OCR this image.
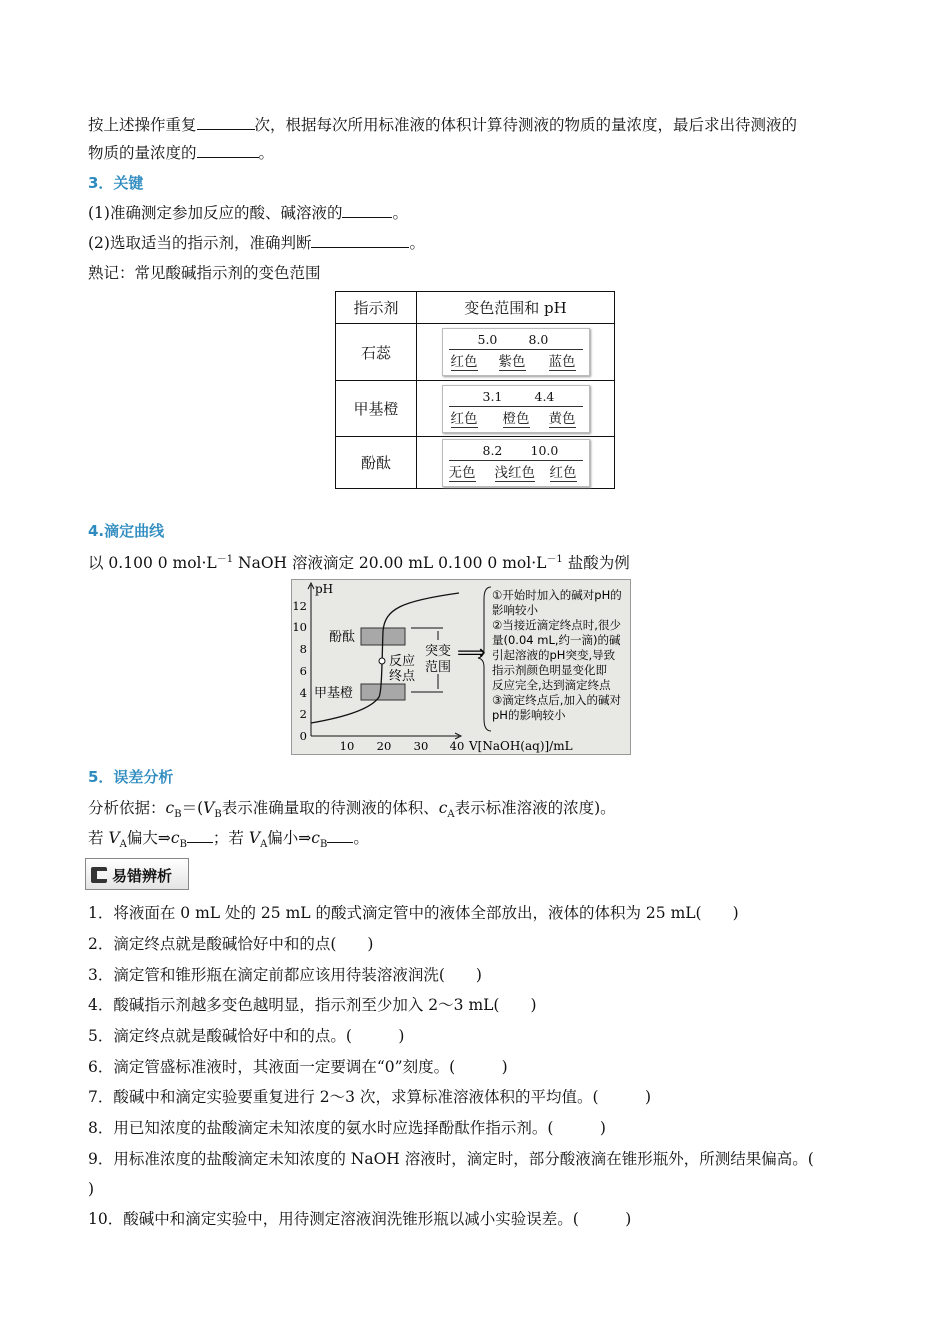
按上述操作重复	次，根据每次所用标准液的体积计算待测液的物质的量浓度，最后求出待测液的
物质的量浓度的	。
3．关键
(1)准确测定参加反应的酸、碱溶液的	。
(2)选取适当的指示剂，准确判断	。
熟记：常见酸碱指示剂的变色范围
指示剂	变色范围和 pH
石蕊	5.0 8.0
红色 紫色 蓝色

甲基橙	3.1 4.4
红色 橙色 黄色

酚酞	8.2 10.0
无色 浅红色 红色
4.滴定曲线
以 0.100 0 $mol\cdot L^{-1}$ NaOH 溶液滴定 20.00 mL 0.100 0 $mol\cdot L^{-1}$ 盐酸为例
pH
0
2
4
6
8
10
12
10 20 30 40 V[NaOH(aq)]/mL
酚酞
甲基橙
反应
终点
突变
范围
⟹
①开始时加入的碱对pH的
影响较小
②当接近滴定终点时,很少
量(0.04 mL,约一滴)的碱
引起溶液的pH突变,导致
指示剂颜色明显变化即
反应完全,达到滴定终点
③滴定终点后,加入的碱对
pH的影响较小
5．误差分析
分析依据：$c_B=(V_B$表示准确量取的待测液的体积、$c_A$表示标准溶液的浓度)。
若 $V_A$偏大$\Rightarrow c_B$ ；若 $V_A$偏小$\Rightarrow c_B$ 。
易错辨析
1．将液面在 0 mL 处的 25 mL 的酸式滴定管中的液体全部放出，液体的体积为 25 mL(　　)
2．滴定终点就是酸碱恰好中和的点(　　)
3．滴定管和锥形瓶在滴定前都应该用待装溶液润洗(　　)
4．酸碱指示剂越多变色越明显，指示剂至少加入 2～3 mL(　　)
5．滴定终点就是酸碱恰好中和的点。(　　　)
6．滴定管盛标准液时，其液面一定要调在“0”刻度。(　　　)
7．酸碱中和滴定实验要重复进行 2～3 次，求算标准溶液体积的平均值。(　　　)
8．用已知浓度的盐酸滴定未知浓度的氨水时应选择酚酞作指示剂。(　　　)
9．用标准浓度的盐酸滴定未知浓度的 NaOH 溶液时，滴定时，部分酸液滴在锥形瓶外，所测结果偏高。(
)
10．酸碱中和滴定实验中，用待测定溶液润洗锥形瓶以减小实验误差。(　　　)
